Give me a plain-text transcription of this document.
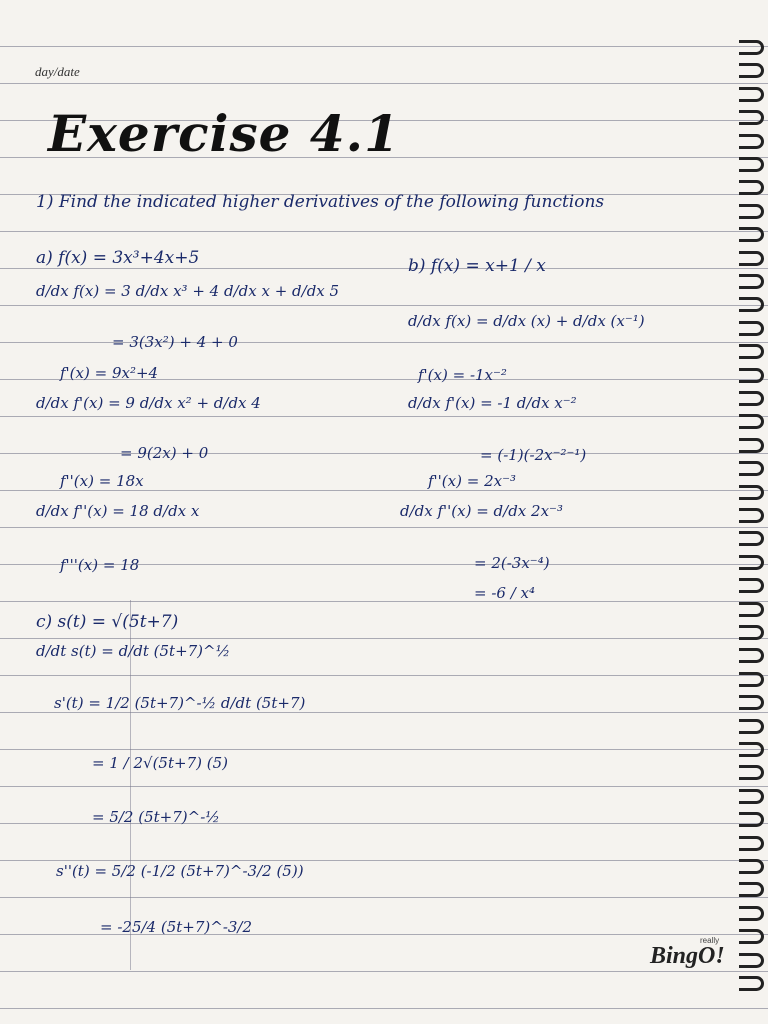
day/date
Exercise 4.1
1) Find the indicated higher derivatives of the following functions
a) f(x) = 3x³+4x+5
d/dx f(x) = 3 d/dx x³ + 4 d/dx x + d/dx 5
= 3(3x²) + 4 + 0
f'(x) = 9x²+4
d/dx f'(x) = 9 d/dx x² + d/dx 4
= 9(2x) + 0
f''(x) = 18x
d/dx f''(x) = 18 d/dx x
f'''(x) = 18
b) f(x) = x+1 / x
d/dx f(x) = d/dx (x) + d/dx (x⁻¹)
f'(x) = -1x⁻²
d/dx f'(x) = -1 d/dx x⁻²
= (-1)(-2x⁻²⁻¹)
f''(x) = 2x⁻³
d/dx f''(x) = d/dx 2x⁻³
= 2(-3x⁻⁴)
= -6 / x⁴
c) s(t) = √(5t+7)
d/dt s(t) = d/dt (5t+7)^½
s'(t) = 1/2 (5t+7)^-½ d/dt (5t+7)
= 1 / 2√(5t+7) (5)
= 5/2 (5t+7)^-½
s''(t) = 5/2 (-1/2 (5t+7)^-3/2 (5))
= -25/4 (5t+7)^-3/2
really
BingO!
